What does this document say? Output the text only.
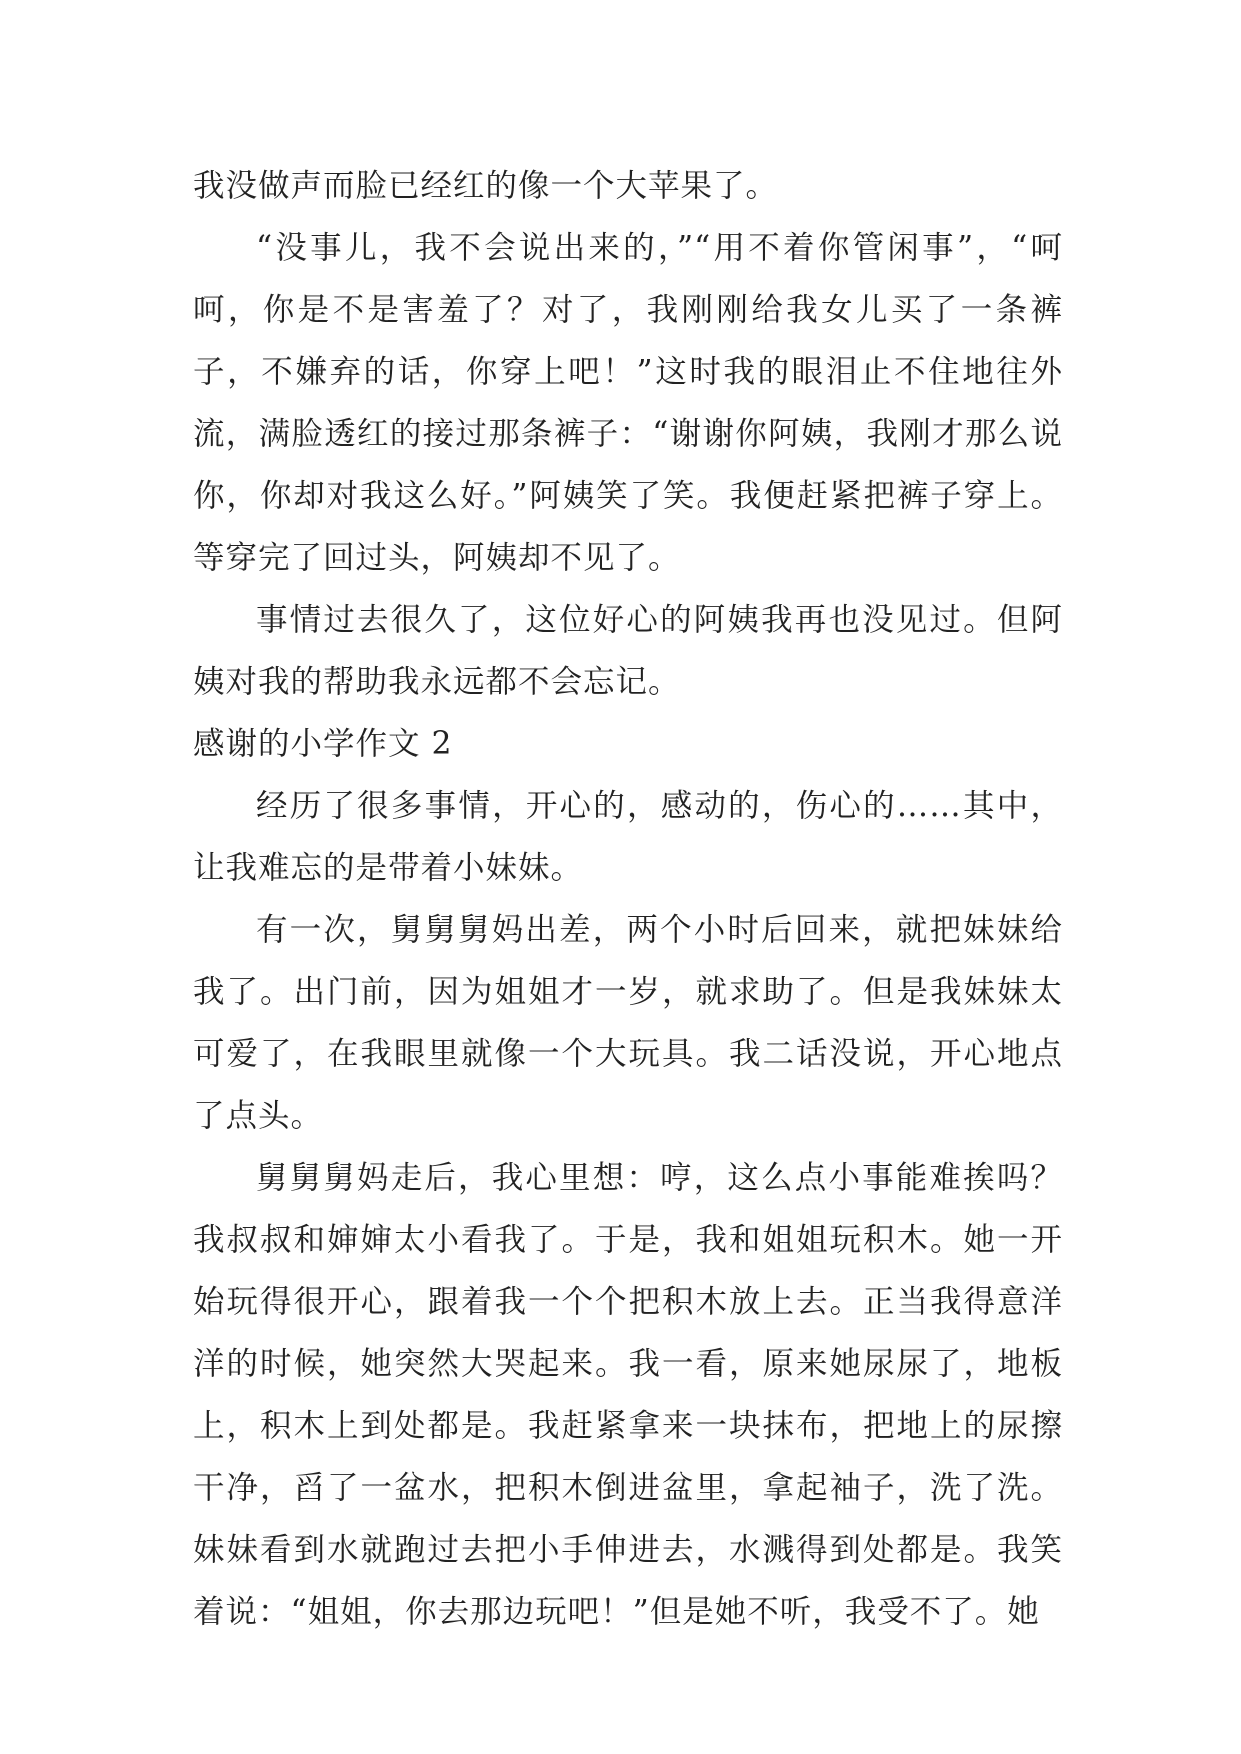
我没做声而脸已经红的像一个大苹果了。

“没事儿，我不会说出来的，”“用不着你管闲事”，“呵呵，你是不是害羞了？对了，我刚刚给我女儿买了一条裤子，不嫌弃的话，你穿上吧！”这时我的眼泪止不住地往外流，满脸透红的接过那条裤子：“谢谢你阿姨，我刚才那么说你，你却对我这么好。”阿姨笑了笑。我便赶紧把裤子穿上。等穿完了回过头，阿姨却不见了。

事情过去很久了，这位好心的阿姨我再也没见过。但阿姨对我的帮助我永远都不会忘记。

感谢的小学作文 2

经历了很多事情，开心的，感动的，伤心的……其中，让我难忘的是带着小妹妹。

有一次，舅舅舅妈出差，两个小时后回来，就把妹妹给我了。出门前，因为姐姐才一岁，就求助了。但是我妹妹太可爱了，在我眼里就像一个大玩具。我二话没说，开心地点了点头。

舅舅舅妈走后，我心里想：哼，这么点小事能难挨吗？我叔叔和婶婶太小看我了。于是，我和姐姐玩积木。她一开始玩得很开心，跟着我一个个把积木放上去。正当我得意洋洋的时候，她突然大哭起来。我一看，原来她尿尿了，地板上，积木上到处都是。我赶紧拿来一块抹布，把地上的尿擦干净，舀了一盆水，把积木倒进盆里，拿起袖子，洗了洗。妹妹看到水就跑过去把小手伸进去，水溅得到处都是。我笑着说：“姐姐，你去那边玩吧！”但是她不听，我受不了。她
